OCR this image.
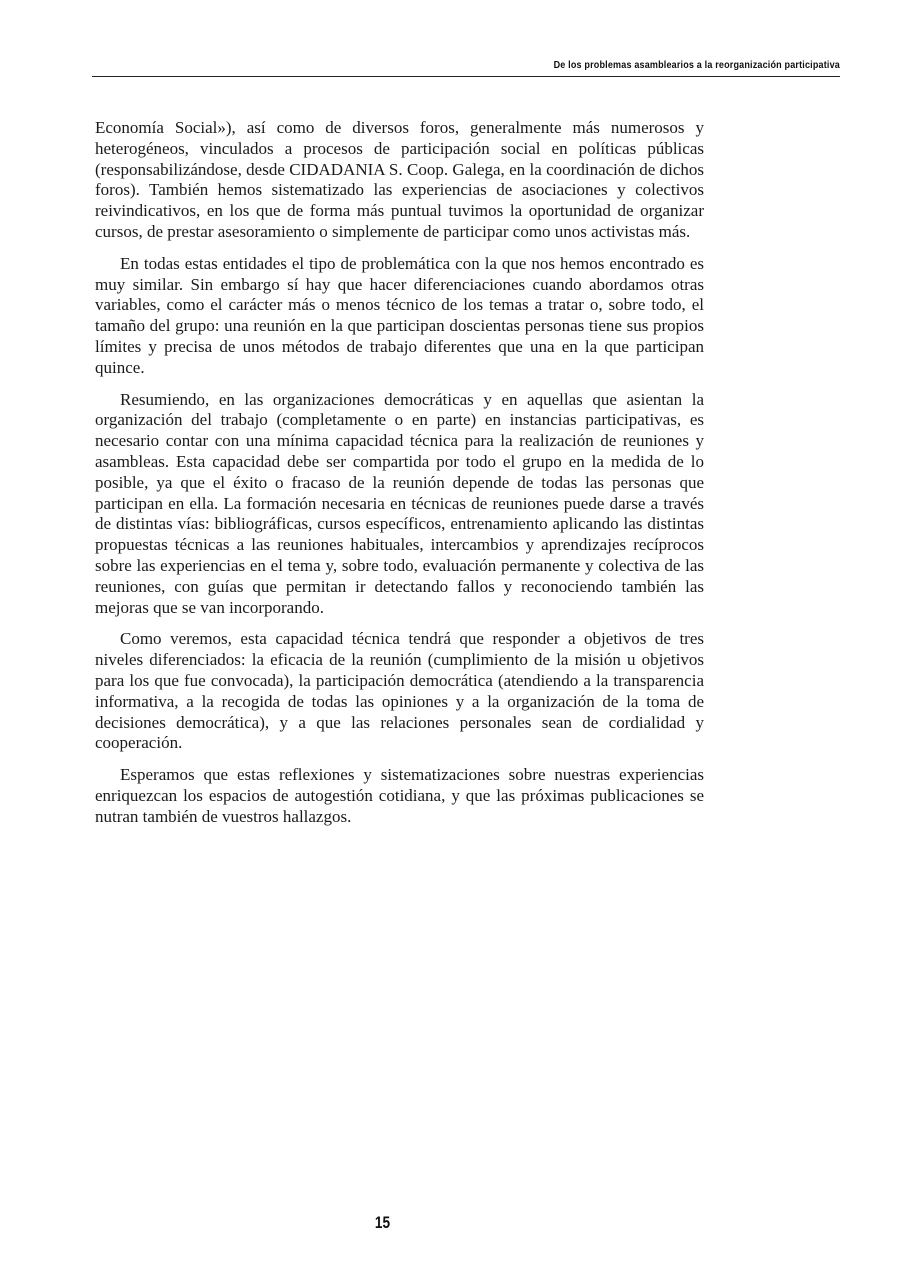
De los problemas asamblearios a la reorganización participativa

Economía Social»), así como de diversos foros, generalmente más numerosos y heterogéneos, vinculados a procesos de participación social en políticas públicas (responsabilizándose, desde CIDADANIA S. Coop. Galega, en la coordinación de dichos foros). También hemos sistematizado las experiencias de asociaciones y colectivos reivindicativos, en los que de forma más puntual tuvimos la oportunidad de organizar cursos, de prestar asesoramiento o simplemente de participar como unos activistas más.

En todas estas entidades el tipo de problemática con la que nos hemos encontrado es muy similar. Sin embargo sí hay que hacer diferenciaciones cuando abordamos otras variables, como el carácter más o menos técnico de los temas a tratar o, sobre todo, el tamaño del grupo: una reunión en la que participan doscientas personas tiene sus propios límites y precisa de unos métodos de trabajo diferentes que una en la que participan quince.

Resumiendo, en las organizaciones democráticas y en aquellas que asientan la organización del trabajo (completamente o en parte) en instancias participativas, es necesario contar con una mínima capacidad técnica para la realización de reuniones y asambleas. Esta capacidad debe ser compartida por todo el grupo en la medida de lo posible, ya que el éxito o fracaso de la reunión depende de todas las personas que participan en ella. La formación necesaria en técnicas de reuniones puede darse a través de distintas vías: bibliográficas, cursos específicos, entrenamiento aplicando las distintas propuestas técnicas a las reuniones habituales, intercambios y aprendizajes recíprocos sobre las experiencias en el tema y, sobre todo, evaluación permanente y colectiva de las reuniones, con guías que permitan ir detectando fallos y reconociendo también las mejoras que se van incorporando.

Como veremos, esta capacidad técnica tendrá que responder a objetivos de tres niveles diferenciados: la eficacia de la reunión (cumplimiento de la misión u objetivos para los que fue convocada), la participación democrática (atendiendo a la transparencia informativa, a la recogida de todas las opiniones y a la organización de la toma de decisiones democrática), y a que las relaciones personales sean de cordialidad y cooperación.

Esperamos que estas reflexiones y sistematizaciones sobre nuestras experiencias enriquezcan los espacios de autogestión cotidiana, y que las próximas publicaciones se nutran también de vuestros hallazgos.

15
